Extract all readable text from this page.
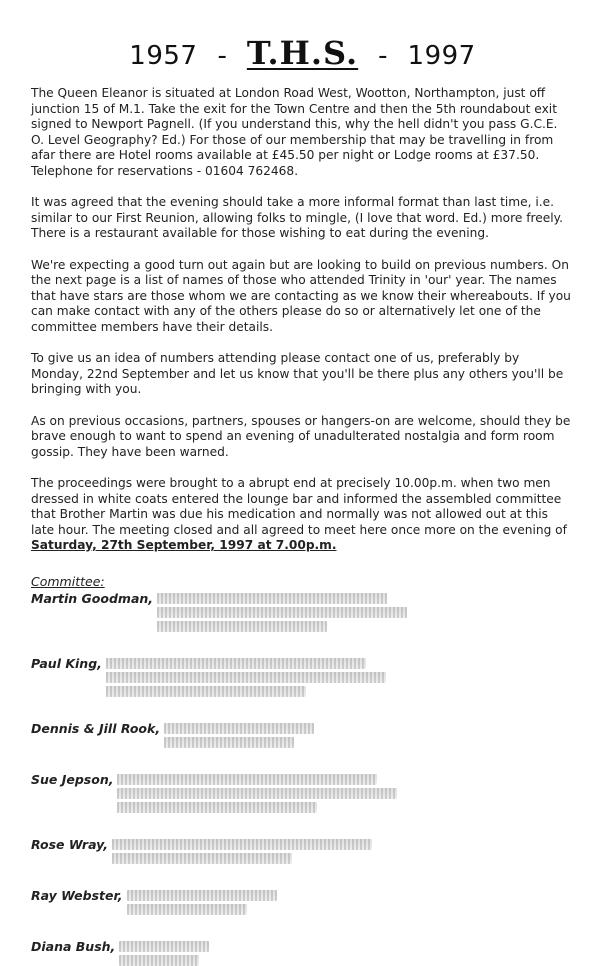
1957 - T.H.S. - 1997

The Queen Eleanor is situated at London Road West, Wootton, Northampton, just off junction 15 of M.1. Take the exit for the Town Centre and then the 5th roundabout exit signed to Newport Pagnell. (If you understand this, why the hell didn't you pass G.C.E. O. Level Geography? Ed.) For those of our membership that may be travelling in from afar there are Hotel rooms available at £45.50 per night or Lodge rooms at £37.50. Telephone for reservations - 01604 762468.

It was agreed that the evening should take a more informal format than last time, i.e. similar to our First Reunion, allowing folks to mingle, (I love that word. Ed.) more freely. There is a restaurant available for those wishing to eat during the evening.

We're expecting a good turn out again but are looking to build on previous numbers. On the next page is a list of names of those who attended Trinity in 'our' year. The names that have stars are those whom we are contacting as we know their whereabouts. If you can make contact with any of the others please do so or alternatively let one of the committee members have their details.

To give us an idea of numbers attending please contact one of us, preferably by Monday, 22nd September and let us know that you'll be there plus any others you'll be bringing with you.

As on previous occasions, partners, spouses or hangers-on are welcome, should they be brave enough to want to spend an evening of unadulterated nostalgia and form room gossip. They have been warned.

The proceedings were brought to a abrupt end at precisely 10.00p.m. when two men dressed in white coats entered the lounge bar and informed the assembled committee that Brother Martin was due his medication and normally was not allowed out at this late hour. The meeting closed and all agreed to meet here once more on the evening of Saturday, 27th September, 1997 at 7.00p.m.

Committee:
Martin Goodman,
Paul King,
Dennis & Jill Rook,
Sue Jepson,
Rose Wray,
Ray Webster,
Diana Bush,
